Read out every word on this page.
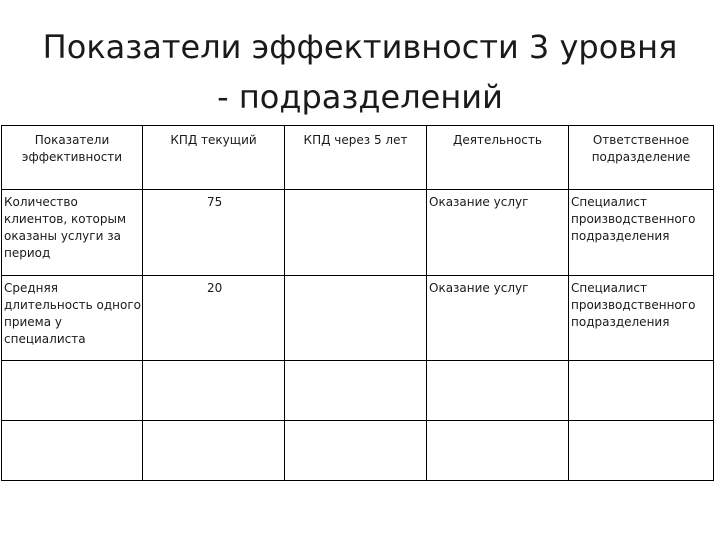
Показатели эффективности 3 уровня
- подразделений
Показатели эффективности	КПД текущий	КПД через 5 лет	Деятельность	Ответственное подразделение
Количество клиентов, которым оказаны услуги за период	75		Оказание услуг	Специалист производственного подразделения
Средняя длительность одного приема у специалиста	20		Оказание услуг	Специалист производственного подразделения
